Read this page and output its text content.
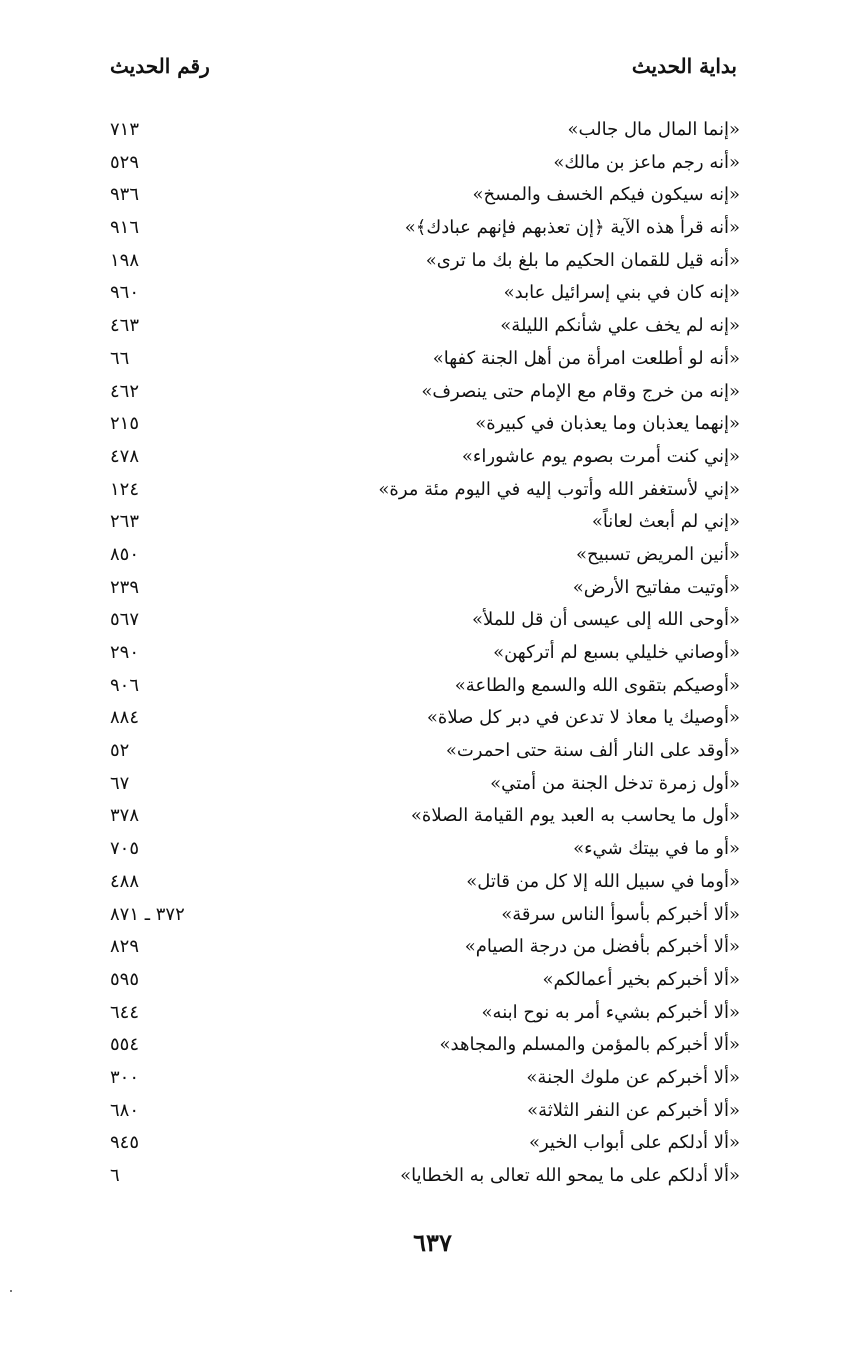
بداية الحديث
رقم الحديث
«إنما المال مال جالب»
٧١٣
«أنه رجم ماعز بن مالك»
٥٢٩
«إنه سيكون فيكم الخسف والمسخ»
٩٣٦
«أنه قرأ هذه الآية ﴿إن تعذبهم فإنهم عبادك﴾»
٩١٦
«أنه قيل للقمان الحكيم ما بلغ بك ما ترى»
١٩٨
«إنه كان في بني إسرائيل عابد»
٩٦٠
«إنه لم يخف علي شأنكم الليلة»
٤٦٣
«أنه لو أطلعت امرأة من أهل الجنة كفها»
٦٦
«إنه من خرج وقام مع الإمام حتى ينصرف»
٤٦٢
«إنهما يعذبان وما يعذبان في كبيرة»
٢١٥
«إني كنت أمرت بصوم يوم عاشوراء»
٤٧٨
«إني لأستغفر الله وأتوب إليه في اليوم مئة مرة»
١٢٤
«إني لم أبعث لعاناً»
٢٦٣
«أنين المريض تسبيح»
٨٥٠
«أوتيت مفاتيح الأرض»
٢٣٩
«أوحى الله إلى عيسى أن قل للملأ»
٥٦٧
«أوصاني خليلي بسبع لم أتركهن»
٢٩٠
«أوصيكم بتقوى الله والسمع والطاعة»
٩٠٦
«أوصيك يا معاذ لا تدعن في دبر كل صلاة»
٨٨٤
«أوقد على النار ألف سنة حتى احمرت»
٥٢
«أول زمرة تدخل الجنة من أمتي»
٦٧
«أول ما يحاسب به العبد يوم القيامة الصلاة»
٣٧٨
«أو ما في بيتك شيء»
٧٠٥
«أوما في سبيل الله إلا كل من قاتل»
٤٨٨
«ألا أخبركم بأسوأ الناس سرقة»
٣٧٢ ـ ٨٧١
«ألا أخبركم بأفضل من درجة الصيام»
٨٢٩
«ألا أخبركم بخير أعمالكم»
٥٩٥
«ألا أخبركم بشيء أمر به نوح ابنه»
٦٤٤
«ألا أخبركم بالمؤمن والمسلم والمجاهد»
٥٥٤
«ألا أخبركم عن ملوك الجنة»
٣٠٠
«ألا أخبركم عن النفر الثلاثة»
٦٨٠
«ألا أدلكم على أبواب الخير»
٩٤٥
«ألا أدلكم على ما يمحو الله تعالى به الخطايا»
٦
٦٣٧
